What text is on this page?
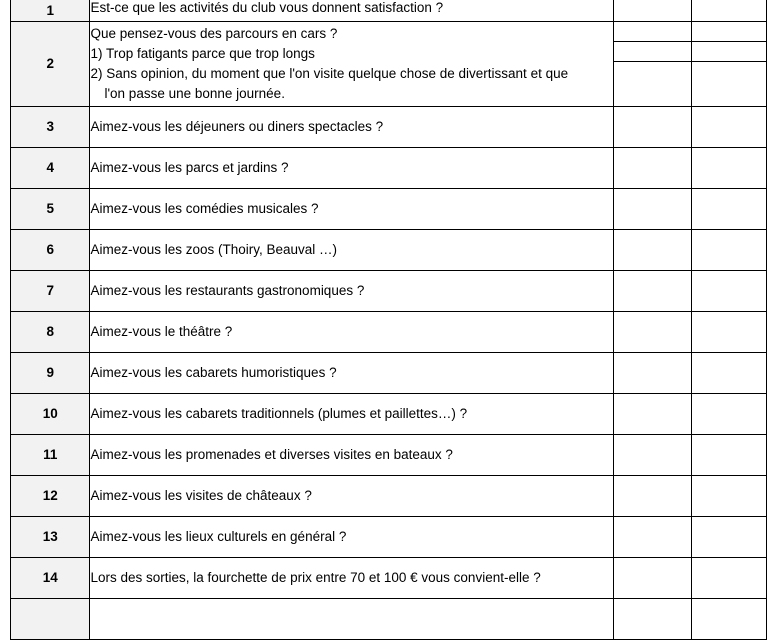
1	Est-ce que les activités du club vous donnent satisfaction ?		
2	Que pensez-vous des parcours en cars ?
1) Trop fatigants parce que trop longs
2) Sans opinion, du moment que l'on visite quelque chose de divertissant et que
l'on passe une bonne journée.		

3	Aimez-vous les déjeuners ou diners spectacles ?		
4	Aimez-vous les parcs et jardins ?		
5	Aimez-vous les comédies musicales ?		
6	Aimez-vous les zoos (Thoiry, Beauval …)		
7	Aimez-vous les restaurants gastronomiques ?		
8	Aimez-vous le théâtre ?		
9	Aimez-vous les cabarets humoristiques ?		
10	Aimez-vous les cabarets traditionnels (plumes et paillettes…) ?		
11	Aimez-vous les promenades et diverses visites en bateaux ?		
12	Aimez-vous les visites de châteaux ?		
13	Aimez-vous les lieux culturels en général ?		
14	Lors des sorties, la fourchette de prix entre 70 et 100 € vous convient-elle ?		
